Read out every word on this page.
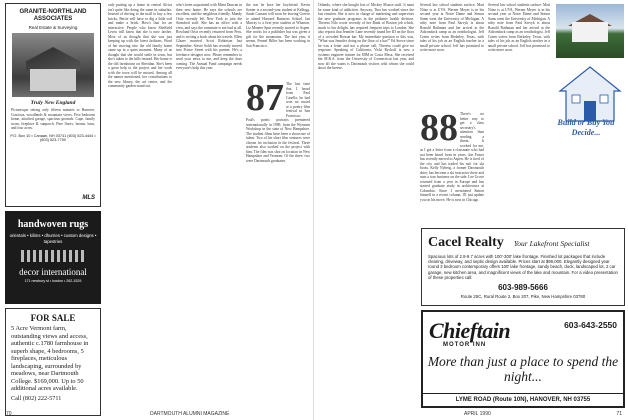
GRANITE-NORTHLAND ASSOCIATES
Real Estate & Surveying
Truly New England
Picturesque setting only fifteen minutes to Hanover. Gracious, woodlands & mountain views. Five bedroom home, attached garage, spacious grounds. Cape, family room, fireplace & sunporch. Pine floors, beams, barn, and four acres.
P.O. Box 10 • Canaan, NH 03741 (603) 523-4444 • (603) 523-7750
MLS
handwoven rugs
orientals • kilims • dhurries • custom designs • tapestries
decor international
171 newbury st • boston • 262-1529
FOR SALE
5 Acre Vermont farm, outstanding views and access, authentic c.1780 farmhouse in superb shape, 4 bedrooms, 5 fireplaces, meticulous landscaping, surrounded by meadows, near Dartmouth College. $169,000. Up to 50 additional acres available.
Call (802) 222-5711
only putting up a home in central Africa isn't quite like doing the same in suburbia. Instead of driving to the mall to buy a few bricks, Bertie will have to dig a little soil and make a brick. How's that for an interactive. People who know Sheffield Lewis will know that she is now farther. Most of us thought that she was just keeping up with the latest fashions. Word of her moving into the old family home came up in a quiet moment. Many of us thought that she would settle in town, but she's taken to the hills instead. Her home is the old farmhouse on Sheridan. She's been a great help to the project and her work with the town will be missed. Among all the names mentioned, her contributions to the new library, the art center, and the community garden stand out.
who's been acquainted with Mimi Duncan in their new home. He says the schools are excellent, and the neighbors friendly. Mandy Ortiz recently left New York to join the Stamford staff. She has an office with a view, and says the commute is not bad at all. Rowland Ortiz recently returned from Peru, and is writing a book about his travels. Ellen Glazer married Scott Robinson last September. Stevie Soldi has recently moved into Prince Street with his partner. He's a freelance designer now. Please remember to send your news to me, and keep the dues coming. The Annual Fund campaign needs everyone's help this year.
the son he bore her boyfriend. Kevin Sonier is a second-year student at Kellogg. Sarah Cassani will soon be leaving Greece to attend Harvard Business School. Ian Murray is a first-year student at Wharton. Liz Maneer Spur recently moved to Aspen. She works for a publisher but was given a gift for the mountains. The last year, it seems, Fennel Biller has been working in San Francisco.
87 The last time that I heard from Paul Casella, he had won an award at a poetry film festival in San Francisco. Paul's poetic portraits premiered internationally in 1989, from the Wynsum Workshop in the state of New Hampshire. The student films have been a showcase of talent. Two of his short film ventures were chosen for inclusion in the festival. Three students also worked on the project with him. The film was shot on location in New Hampshire and Vermont. Of the three, two were Dartmouth graduates.
70	DARTMOUTH ALUMNI MAGAZINE
Orlando, where she bought lots of Mickey Mouse stuff. It must be some kind of addiction. Anyway, Tina has worked since the last reunion. She is now in charge of marketing and supervises the new graduate programs in the pediatric health division. Theresa Nilo wrote recently of her Bank of Boston job which, much to her delight, has required frequent trips to London. She also reports that Jennifer Lane recently found her ID on the floor of a crowded Boston bar. My immediate question to this was, "What was Jennifer doing on the floor of a bar?" Ed Stowe since he was a letter and not a phone call, Theresa could give no response. Speaking of California, Vicki Ryckoff is now a systems engineer trainee for IBM in Costa Mesa. She received her M.B.A. from the University of Connecticut last year, and now all she wants is Dartmouth visitors with whom she could shoot the breeze.
88 There's no better way to get a class secretary's attention than sending a threat. It worked for me, as I got a letter from a classmate who had not been heard from in years. Jon Fraser has recently moved to Aspen. He is tired of the city and has traded his suit for ski boots. Kelly Nyberg, a former Dartmouth skier, has become a ski instructor there and runs a tour business on the side. Lee Grove returned from a year in Europe and has started graduate study in architecture at Columbia. Since I mentioned Simon himself in a recent column, I'll just update you on his move. He is now in Chicago.
Several law school students surface: Matt Nitze is at UVA, Werner Meyer is in his second year at Notre Dame and Simon Sams went the University of Michigan. A nifty note from Paul Sarvyk is about Ronald Rathman and her arrival at the Adirondack camp as an ornithologist. Jeff Green writes from Berkeley, Texas, with tales of his job as an English teacher in a small private school. Jeff has promised to write more soon.
Several law school students surface: Matt Nitze is at UVA, Werner Meyer is in his second year at Notre Dame and Simon Sams went the University of Michigan. A nifty note from Paul Sarvyk is about Ronald Rathman and her arrival at the Adirondack camp as an ornithologist. Jeff Green writes from Berkeley, Texas, with tales of his job as an English teacher in a small private school. Jeff has promised to write more soon.
Build or Buy You Decide...
Cacel Realty Your Lakefront Specialist
Spacious lots of 2.8-9.7 acres with 100'-300' lake frontage. Finished lot packages that include clearing, driveway, and septic design available. Prices start at $99,000. Elegantly designed year round 3 bedroom contemporary offers 100' lake frontage, sandy beach, dock, landscaped lot, 2 car garage, new kitchen area, and magnificent views of the lake and mountain. For a video presentation of these properties call:
603-989-5666
Route 25C, Rural Route 2, Box 207, Pike, New Hampshire 03780
Chieftain
MOTOR INN
603-643-2550
More than just a place to spend the night...
LYME ROAD (Route 10N), HANOVER, NH 03755
APRIL 1990	71
